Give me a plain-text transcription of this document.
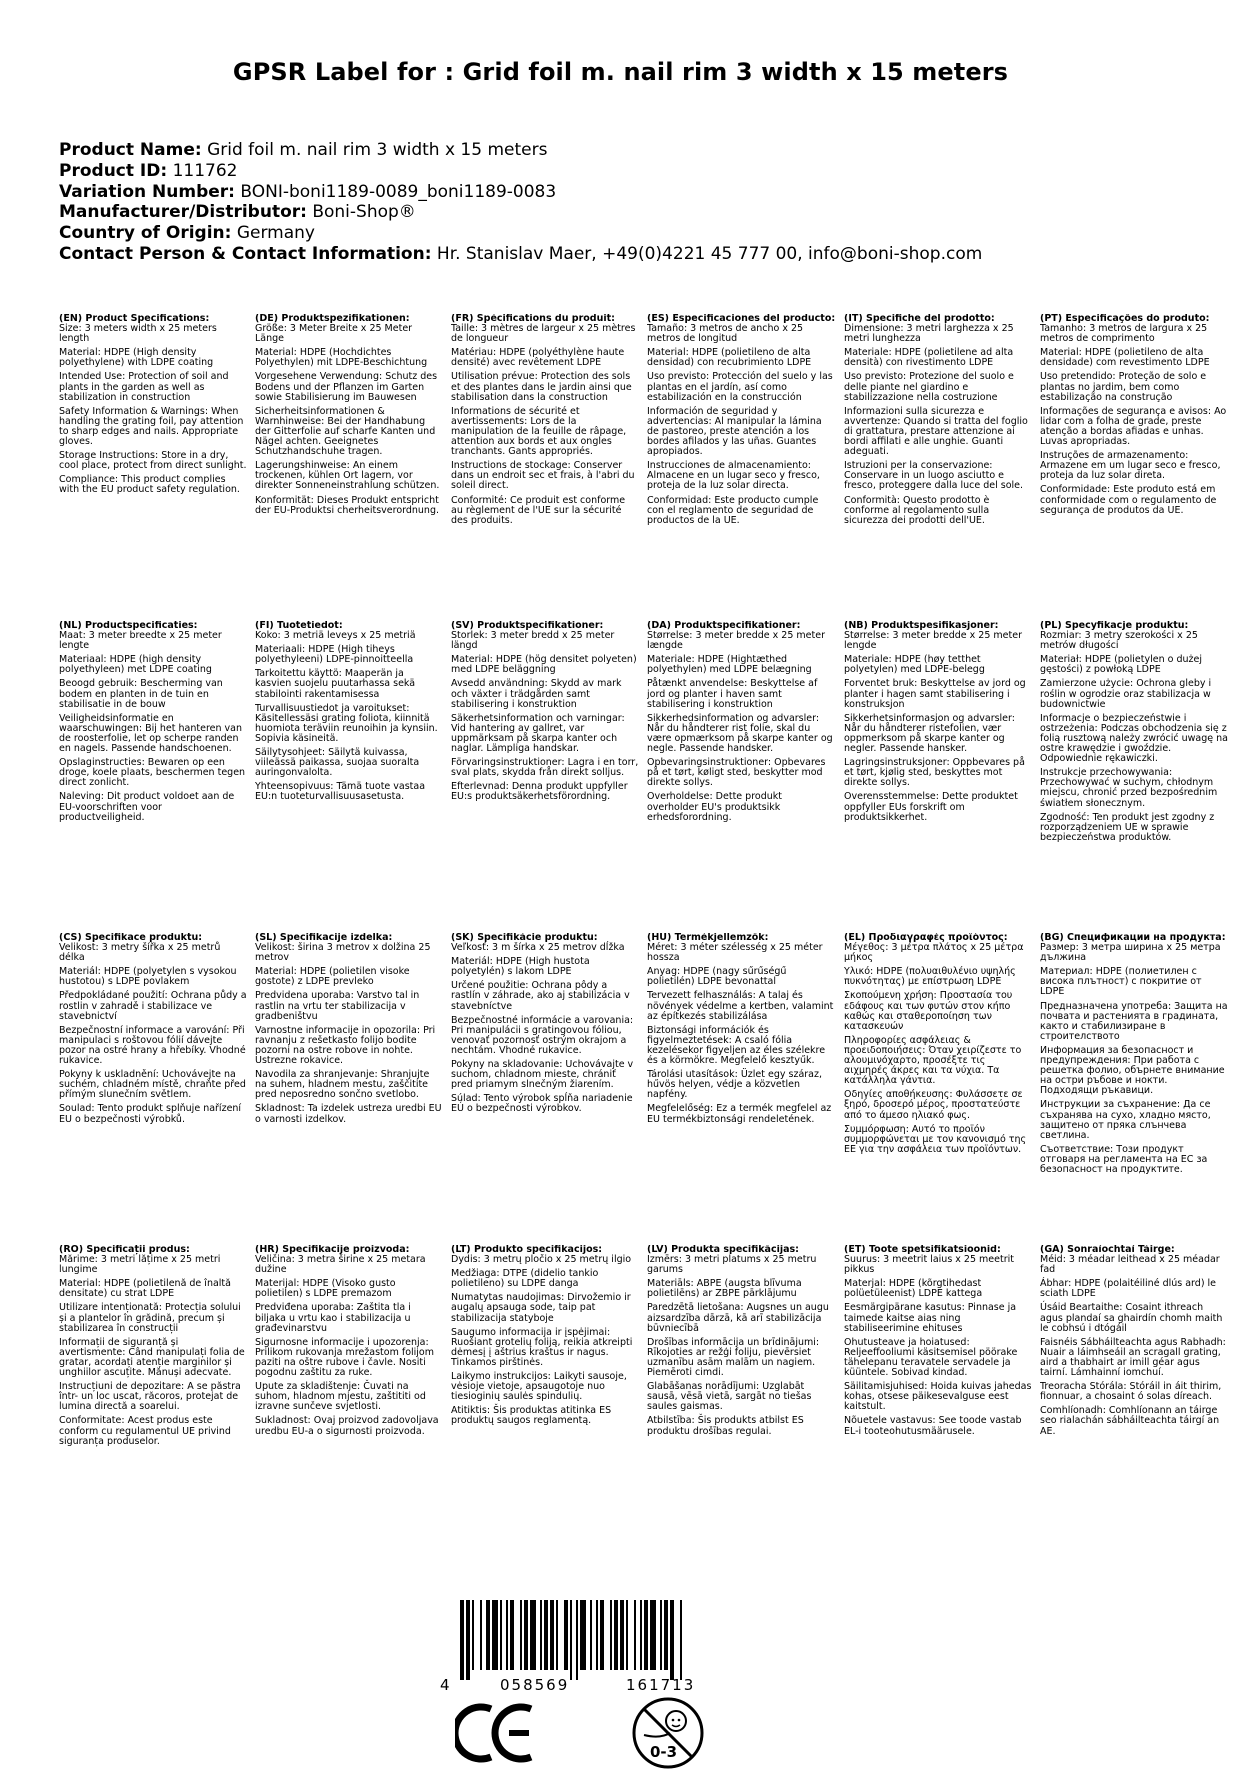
GPSR Label for : Grid foil m. nail rim 3 width x 15 meters
Product Name: Grid foil m. nail rim 3 width x 15 meters
Product ID: 111762
Variation Number: BONI-boni1189-0089_boni1189-0083
Manufacturer/Distributor: Boni-Shop®
Country of Origin: Germany
Contact Person & Contact Information: Hr. Stanislav Maer, +49(0)4221 45 777 00, info@boni-shop.com
(EN) Product Specifications:
Size: 3 meters width x 25 meters length
Material: HDPE (High density polyethylene) with LDPE coating
Intended Use: Protection of soil and plants in the garden as well as stabilization in construction
Safety Information & Warnings: When handling the grating foil, pay attention to sharp edges and nails. Appropriate gloves.
Storage Instructions: Store in a dry, cool place, protect from direct sunlight.
Compliance: This product complies with the EU product safety regulation.
(DE) Produktspezifikationen:
Größe: 3 Meter Breite x 25 Meter Länge
Material: HDPE (Hochdichtes Polyethylen) mit LDPE-Beschichtung
Vorgesehene Verwendung: Schutz des Bodens und der Pflanzen im Garten sowie Stabilisierung im Bauwesen
Sicherheitsinformationen & Warnhinweise: Bei der Handhabung der Gitterfolie auf scharfe Kanten und Nägel achten. Geeignetes Schutzhandschuhe tragen.
Lagerungshinweise: An einem trockenen, kühlen Ort lagern, vor direkter Sonneneinstrahlung schützen.
Konformität: Dieses Produkt entspricht der EU-Produktsi cherheitsverordnung.
(FR) Spécifications du produit:
Taille: 3 mètres de largeur x 25 mètres de longueur
Matériau: HDPE (polyéthylène haute densité) avec revêtement LDPE
Utilisation prévue: Protection des sols et des plantes dans le jardin ainsi que stabilisation dans la construction
Informations de sécurité et avertissements: Lors de la manipulation de la feuille de râpage, attention aux bords et aux ongles tranchants. Gants appropriés.
Instructions de stockage: Conserver dans un endroit sec et frais, à l'abri du soleil direct.
Conformité: Ce produit est conforme au règlement de l'UE sur la sécurité des produits.
(ES) Especificaciones del producto:
Tamaño: 3 metros de ancho x 25 metros de longitud
Material: HDPE (polietileno de alta densidad) con recubrimiento LDPE
Uso previsto: Protección del suelo y las plantas en el jardín, así como estabilización en la construcción
Información de seguridad y advertencias: Al manipular la lámina de pastoreo, preste atención a los bordes afilados y las uñas. Guantes apropiados.
Instrucciones de almacenamiento: Almacene en un lugar seco y fresco, proteja de la luz solar directa.
Conformidad: Este producto cumple con el reglamento de seguridad de productos de la UE.
(IT) Specifiche del prodotto:
Dimensione: 3 metri larghezza x 25 metri lunghezza
Materiale: HDPE (polietilene ad alta densità) con rivestimento LDPE
Uso previsto: Protezione del suolo e delle piante nel giardino e stabilizzazione nella costruzione
Informazioni sulla sicurezza e avvertenze: Quando si tratta del foglio di grattatura, prestare attenzione ai bordi affilati e alle unghie. Guanti adeguati.
Istruzioni per la conservazione: Conservare in un luogo asciutto e fresco, proteggere dalla luce del sole.
Conformità: Questo prodotto è conforme al regolamento sulla sicurezza dei prodotti dell'UE.
(PT) Especificações do produto:
Tamanho: 3 metros de largura x 25 metros de comprimento
Material: HDPE (polietileno de alta densidade) com revestimento LDPE
Uso pretendido: Proteção de solo e plantas no jardim, bem como estabilização na construção
Informações de segurança e avisos: Ao lidar com a folha de grade, preste atenção a bordas afiadas e unhas. Luvas apropriadas.
Instruções de armazenamento: Armazene em um lugar seco e fresco, proteja da luz solar direta.
Conformidade: Este produto está em conformidade com o regulamento de segurança de produtos da UE.
(NL) Productspecificaties:
Maat: 3 meter breedte x 25 meter lengte
Materiaal: HDPE (high density polyethyleen) met LDPE coating
Beoogd gebruik: Bescherming van bodem en planten in de tuin en stabilisatie in de bouw
Veiligheidsinformatie en waarschuwingen: Bij het hanteren van de roosterfolie, let op scherpe randen en nagels. Passende handschoenen.
Opslaginstructies: Bewaren op een droge, koele plaats, beschermen tegen direct zonlicht.
Naleving: Dit product voldoet aan de EU-voorschriften voor productveiligheid.
(FI) Tuotetiedot:
Koko: 3 metriä leveys x 25 metriä
Materiaali: HDPE (High tiheys polyethyleeni) LDPE-pinnoitteella
Tarkoitettu käyttö: Maaperän ja kasvien suojelu puutarhassa sekä stabilointi rakentamisessa
Turvallisuustiedot ja varoitukset: Käsitellessäsi grating foliota, kiinnitä huomiota teräviin reunoihin ja kynsiin. Sopivia käsineitä.
Säilytysohjeet: Säilytä kuivassa, viileässä paikassa, suojaa suoralta auringonvalolta.
Yhteensopivuus: Tämä tuote vastaa EU:n tuoteturvallisuusasetusta.
(SV) Produktspecifikationer:
Storlek: 3 meter bredd x 25 meter längd
Material: HDPE (hög densitet polyeten) med LDPE beläggning
Avsedd användning: Skydd av mark och växter i trädgården samt stabilisering i konstruktion
Säkerhetsinformation och varningar: Vid hantering av gallret, var uppmärksam på skarpa kanter och naglar. Lämpliga handskar.
Förvaringsinstruktioner: Lagra i en torr, sval plats, skydda från direkt solljus.
Efterlevnad: Denna produkt uppfyller EU:s produktsäkerhetsförordning.
(DA) Produktspecifikationer:
Størrelse: 3 meter bredde x 25 meter længde
Materiale: HDPE (Hightæthed polyethylen) med LDPE belægning
Påtænkt anvendelse: Beskyttelse af jord og planter i haven samt stabilisering i konstruktion
Sikkerhedsinformation og advarsler: Når du håndterer rist folie, skal du være opmærksom på skarpe kanter og negle. Passende handsker.
Opbevaringsinstruktioner: Opbevares på et tørt, køligt sted, beskytter mod direkte sollys.
Overholdelse: Dette produkt overholder EU's produktsikk erhedsforordning.
(NB) Produktspesifikasjoner:
Størrelse: 3 meter bredde x 25 meter lengde
Materiale: HDPE (høy tetthet polyetylen) med LDPE-belegg
Forventet bruk: Beskyttelse av jord og planter i hagen samt stabilisering i konstruksjon
Sikkerhetsinformasjon og advarsler: Når du håndterer ristefolien, vær oppmerksom på skarpe kanter og negler. Passende hansker.
Lagringsinstruksjoner: Oppbevares på et tørt, kjølig sted, beskyttes mot direkte sollys.
Overensstemmelse: Dette produktet oppfyller EUs forskrift om produktsikkerhet.
(PL) Specyfikacje produktu:
Rozmiar: 3 metry szerokości x 25 metrów długości
Materiał: HDPE (polietylen o dużej gęstości) z powłoką LDPE
Zamierzone użycie: Ochrona gleby i roślin w ogrodzie oraz stabilizacja w budownictwie
Informacje o bezpieczeństwie i ostrzeżenia: Podczas obchodzenia się z folią rusztową należy zwrócić uwagę na ostre krawędzie i gwoździe. Odpowiednie rękawiczki.
Instrukcje przechowywania: Przechowywać w suchym, chłodnym miejscu, chronić przed bezpośrednim światłem słonecznym.
Zgodność: Ten produkt jest zgodny z rozporządzeniem UE w sprawie bezpieczeństwa produktów.
(CS) Specifikace produktu:
Velikost: 3 metry šířka x 25 metrů délka
Materiál: HDPE (polyetylen s vysokou hustotou) s LDPE povlakem
Předpokládané použití: Ochrana půdy a rostlin v zahradě i stabilizace ve stavebnictví
Bezpečnostní informace a varování: Při manipulaci s roštovou fólií dávejte pozor na ostré hrany a hřebíky. Vhodné rukavice.
Pokyny k uskladnění: Uchovávejte na suchém, chladném místě, chraňte před přímým slunečním světlem.
Soulad: Tento produkt splňuje nařízení EU o bezpečnosti výrobků.
(SL) Specifikacije izdelka:
Velikost: širina 3 metrov x dolžina 25 metrov
Material: HDPE (polietilen visoke gostote) z LDPE prevleko
Predvidena uporaba: Varstvo tal in rastlin na vrtu ter stabilizacija v gradbeništvu
Varnostne informacije in opozorila: Pri ravnanju z rešetkasto folijo bodite pozorni na ostre robove in nohte. Ustrezne rokavice.
Navodila za shranjevanje: Shranjujte na suhem, hladnem mestu, zaščitite pred neposredno sončno svetlobo.
Skladnost: Ta izdelek ustreza uredbi EU o varnosti izdelkov.
(SK) Špecifikácie produktu:
Veľkosť: 3 m šírka x 25 metrov dĺžka
Materiál: HDPE (High hustota polyetylén) s lakom LDPE
Určené použitie: Ochrana pôdy a rastlín v záhrade, ako aj stabilizácia v stavebníctve
Bezpečnostné informácie a varovania: Pri manipulácii s gratingovou fóliou, venovať pozornosť ostrým okrajom a nechtám. Vhodné rukavice.
Pokyny na skladovanie: Uchovávajte v suchom, chladnom mieste, chrániť pred priamym slnečným žiarením.
Súlad: Tento výrobok spĺňa nariadenie EÚ o bezpečnosti výrobkov.
(HU) Termékjellemzők:
Méret: 3 méter szélesség x 25 méter hossza
Anyag: HDPE (nagy sűrűségű polietilén) LDPE bevonattal
Tervezett felhasználás: A talaj és növények védelme a kertben, valamint az építkezés stabilizálása
Biztonsági információk és figyelmeztetések: A csaló fólia kezelésekor figyeljen az éles szélekre és a körmökre. Megfelelő kesztyűk.
Tárolási utasítások: Üzlet egy száraz, hűvös helyen, védje a közvetlen napfény.
Megfelelőség: Ez a termék megfelel az EU termékbiztonsági rendeletének.
(EL) Προδιαγραφές προϊόντος:
Μέγεθος: 3 μέτρα πλάτος x 25 μέτρα μήκος
Υλικό: HDPE (πολυαιθυλένιο υψηλής πυκνότητας) με επίστρωση LDPE
Σκοπούμενη χρήση: Προστασία του εδάφους και των φυτών στον κήπο καθώς και σταθεροποίηση των κατασκευών
Πληροφορίες ασφάλειας & προειδοποιήσεις: Όταν χειρίζεστε το αλουμινόχαρτο, προσέξτε τις αιχμηρές άκρες και τα νύχια. Τα κατάλληλα γάντια.
Οδηγίες αποθήκευσης: Φυλάσσετε σε ξηρό, δροσερό μέρος, προστατεύστε από το άμεσο ηλιακό φως.
Συμμόρφωση: Αυτό το προϊόν συμμορφώνεται με τον κανονισμό της ΕΕ για την ασφάλεια των προϊόντων.
(BG) Спецификации на продукта:
Размер: 3 метра ширина x 25 метра дължина
Материал: HDPE (полиетилен с висока плътност) с покритие от LDPE
Предназначена употреба: Защита на почвата и растенията в градината, както и стабилизиране в строителството
Информация за безопасност и предупреждения: При работа с решетка фолио, обърнете внимание на остри ръбове и нокти. Подходящи ръкавици.
Инструкции за съхранение: Да се съхранява на сухо, хладно място, защитено от пряка слънчева светлина.
Съответствие: Този продукт отговаря на регламента на ЕС за безопасност на продуктите.
(RO) Specificații produs:
Mărime: 3 metri lățime x 25 metri lungime
Material: HDPE (polietilenă de înaltă densitate) cu strat LDPE
Utilizare intenționată: Protecția solului și a plantelor în grădină, precum și stabilizarea în construcții
Informații de siguranță și avertismente: Când manipulați folia de gratar, acordați atenție marginilor și unghiilor ascuțite. Mănuși adecvate.
Instrucțiuni de depozitare: A se păstra într- un loc uscat, răcoros, protejat de lumina directă a soarelui.
Conformitate: Acest produs este conform cu regulamentul UE privind siguranța produselor.
(HR) Specifikacije proizvoda:
Veličina: 3 metra širine x 25 metara dužine
Materijal: HDPE (Visoko gusto polietilen) s LDPE premazom
Predviđena uporaba: Zaštita tla i biljaka u vrtu kao i stabilizacija u građevinarstvu
Sigurnosne informacije i upozorenja: Prilikom rukovanja mrežastom folijom paziti na oštre rubove i čavle. Nositi pogodnu zaštitu za ruke.
Upute za skladištenje: Čuvati na suhom, hladnom mjestu, zaštititi od izravne sunčeve svjetlosti.
Sukladnost: Ovaj proizvod zadovoljava uredbu EU-a o sigurnosti proizvoda.
(LT) Produkto specifikacijos:
Dydis: 3 metrų pločio x 25 metrų ilgio
Medžiaga: DTPE (didelio tankio polietileno) su LDPE danga
Numatytas naudojimas: Dirvožemio ir augalų apsauga sode, taip pat stabilizacija statyboje
Saugumo informacija ir įspėjimai: Ruošiant grotelių foliją, reikia atkreipti dėmesį į aštrius kraštus ir nagus. Tinkamos pirštinės.
Laikymo instrukcijos: Laikyti sausoje, vėsioje vietoje, apsaugotoje nuo tiesioginių saulės spindulių.
Atitiktis: Šis produktas atitinka ES produktų saugos reglamentą.
(LV) Produkta specifikācijas:
Izmērs: 3 metri platums x 25 metru garums
Materiāls: ABPE (augsta blīvuma polietilēns) ar ZBPE pārklājumu
Paredzētā lietošana: Augsnes un augu aizsardzība dārzā, kā arī stabilizācija būvniecībā
Drošības informācija un brīdinājumi: Rīkojoties ar režģi foliju, pievērsiet uzmanību asām malām un nagiem. Piemēroti cimdi.
Glabāšanas norādījumi: Uzglabāt sausā, vēsā vietā, sargāt no tiešas saules gaismas.
Atbilstība: Šis produkts atbilst ES produktu drošības regulai.
(ET) Toote spetsifikatsioonid:
Suurus: 3 meetrit laius x 25 meetrit pikkus
Materjal: HDPE (kõrgtihedast polüetüleenist) LDPE kattega
Eesmärgipärane kasutus: Pinnase ja taimede kaitse aias ning stabiliseerimine ehituses
Ohutusteave ja hoiatused: Reljeeffooliumi käsitsemisel pöörake tähelepanu teravatele servadele ja küüntele. Sobivad kindad.
Säilitamisjuhised: Hoida kuivas jahedas kohas, otsese päikesevalguse eest kaitstult.
Nõuetele vastavus: See toode vastab EL-i tooteohutusmäärusele.
(GA) Sonraíochtaí Táirge:
Méid: 3 méadar leithead x 25 méadar fad
Ábhar: HDPE (polaitéiliné dlús ard) le sciath LDPE
Úsáid Beartaithe: Cosaint ithreach agus plandaí sa ghairdín chomh maith le cobhsú i dtógáil
Faisnéis Sábháilteachta agus Rabhadh: Nuair a láimhseáil an scragall grating, aird a thabhairt ar imill géar agus tairní. Lámhainní iomchuí.
Treoracha Stórála: Stóráil in áit thirim, fionnuar, a chosaint ó solas díreach.
Comhlíonadh: Comhlíonann an táirge seo rialachán sábháilteachta táirgí an AE.
4	058569	161713
0-3
